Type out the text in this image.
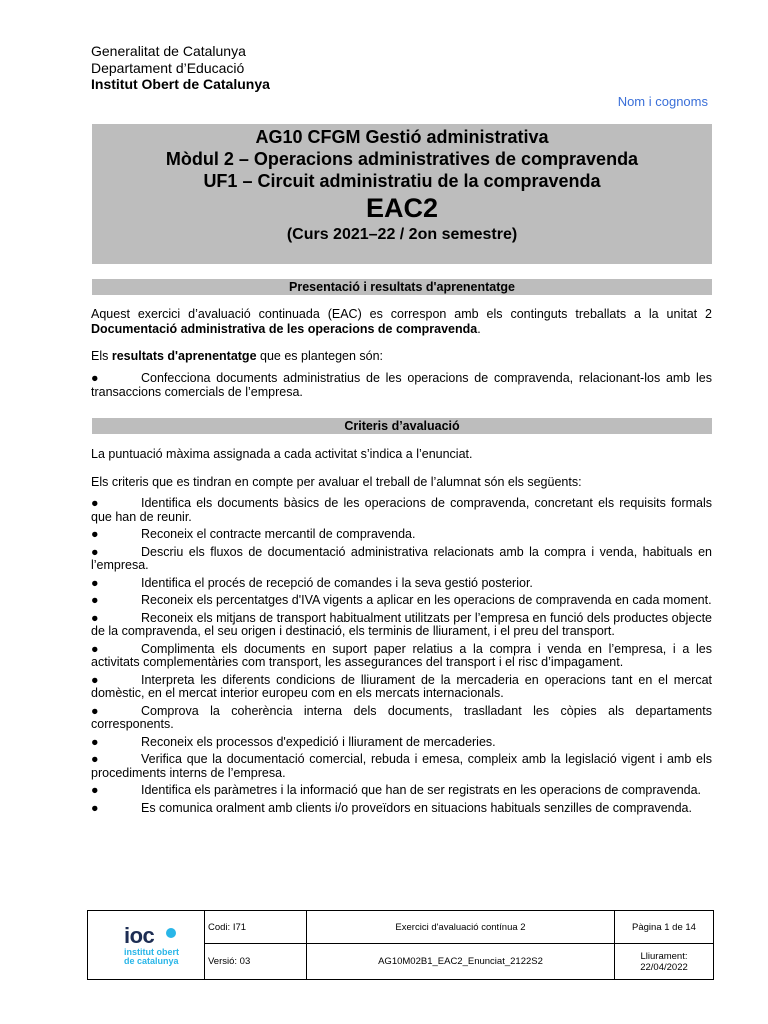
Generalitat de Catalunya
Departament d’Educació
Institut Obert de Catalunya
Nom i cognoms
AG10 CFGM Gestió administrativa
Mòdul 2 – Operacions administratives de compravenda
UF1 – Circuit administratiu de la compravenda
EAC2
(Curs 2021–22 / 2on semestre)
Presentació i resultats d'aprenentatge
Aquest exercici d’avaluació continuada (EAC) es correspon amb els continguts treballats a la unitat 2 Documentació administrativa de les operacions de compravenda.
Els resultats d'aprenentatge que es plantegen són:
●	Confecciona documents administratius de les operacions de compravenda, relacionant-los amb les transaccions comercials de l’empresa.
Criteris d’avaluació
La puntuació màxima assignada a cada activitat s’indica a l’enunciat.
Els criteris que es tindran en compte per avaluar el treball de l’alumnat són els següents:
●	Identifica els documents bàsics de les operacions de compravenda, concretant els requisits formals que han de reunir.
●	Reconeix el contracte mercantil de compravenda.
●	Descriu els fluxos de documentació administrativa relacionats amb la compra i venda, habituals en l’empresa.
●	Identifica el procés de recepció de comandes i la seva gestió posterior.
●	Reconeix els percentatges d'IVA vigents a aplicar en les operacions de compravenda en cada moment.
●	Reconeix els mitjans de transport habitualment utilitzats per l’empresa en funció dels productes objecte de la compravenda, el seu origen i destinació, els terminis de lliurament, i el preu del transport.
●	Complimenta els documents en suport paper relatius a la compra i venda en l’empresa, i a les activitats complementàries com transport, les assegurances del transport i el risc d’impagament.
●	Interpreta les diferents condicions de lliurament de la mercaderia en operacions tant en el mercat domèstic, en el mercat interior europeu com en els mercats internacionals.
●	Comprova la coherència interna dels documents, traslladant les còpies als departaments corresponents.
●	Reconeix els processos d'expedició i lliurament de mercaderies.
●	Verifica que la documentació comercial, rebuda i emesa, compleix amb la legislació vigent i amb els procediments interns de l’empresa.
●	Identifica els paràmetres i la informació que han de ser registrats en les operacions de compravenda.
●	Es comunica oralment amb clients i/o proveïdors en situacions habituals senzilles de compravenda.
ioc
institut obert
de catalunya
Codi: I71	Exercici d'avaluació contínua 2	Pàgina 1 de 14
Versió: 03	AG10M02B1_EAC2_Enunciat_2122S2	Lliurament:
22/04/2022
